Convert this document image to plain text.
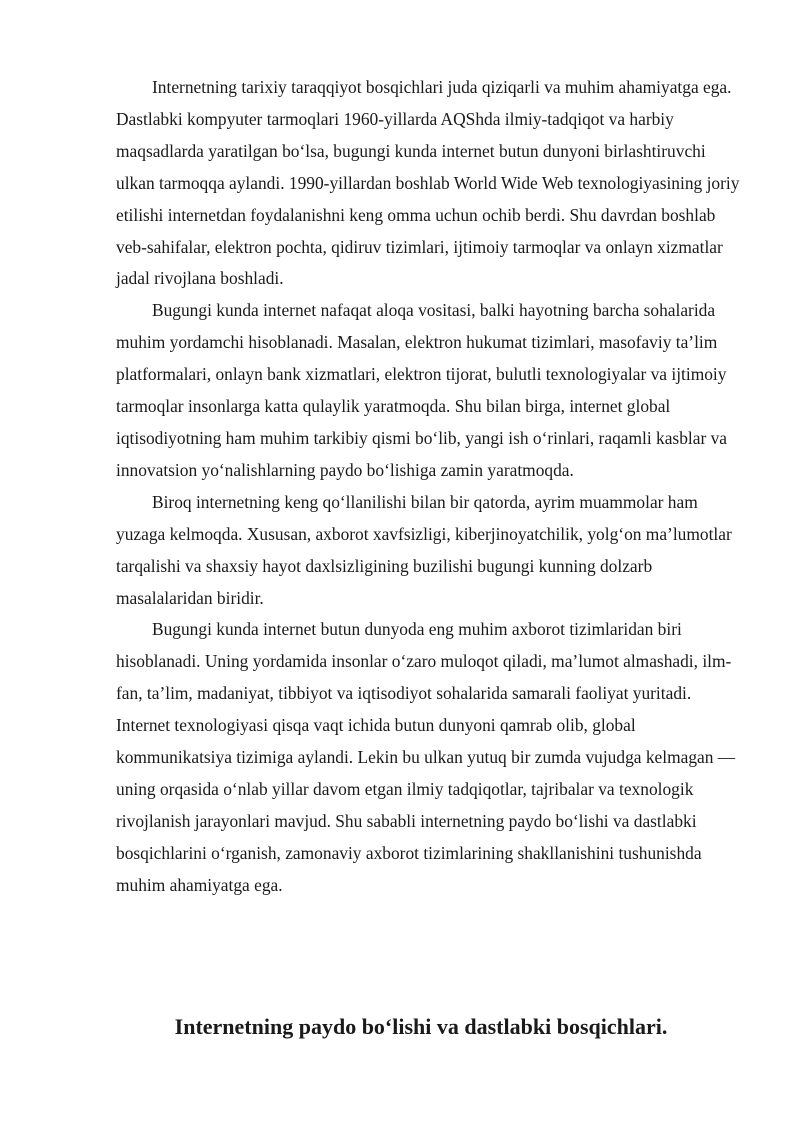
Internetning tarixiy taraqqiyot bosqichlari juda qiziqarli va muhim ahamiyatga ega. Dastlabki kompyuter tarmoqlari 1960-yillarda AQShda ilmiy-tadqiqot va harbiy maqsadlarda yaratilgan bo‘lsa, bugungi kunda internet butun dunyoni birlashtiruvchi ulkan tarmoqqa aylandi. 1990-yillardan boshlab World Wide Web texnologiyasining joriy etilishi internetdan foydalanishni keng omma uchun ochib berdi. Shu davrdan boshlab veb-sahifalar, elektron pochta, qidiruv tizimlari, ijtimoiy tarmoqlar va onlayn xizmatlar jadal rivojlana boshladi.

Bugungi kunda internet nafaqat aloqa vositasi, balki hayotning barcha sohalarida muhim yordamchi hisoblanadi. Masalan, elektron hukumat tizimlari, masofaviy ta’lim platformalari, onlayn bank xizmatlari, elektron tijorat, bulutli texnologiyalar va ijtimoiy tarmoqlar insonlarga katta qulaylik yaratmoqda. Shu bilan birga, internet global iqtisodiyotning ham muhim tarkibiy qismi bo‘lib, yangi ish o‘rinlari, raqamli kasblar va innovatsion yo‘nalishlarning paydo bo‘lishiga zamin yaratmoqda.

Biroq internetning keng qo‘llanilishi bilan bir qatorda, ayrim muammolar ham yuzaga kelmoqda. Xususan, axborot xavfsizligi, kiberjinoyatchilik, yolg‘on ma’lumotlar tarqalishi va shaxsiy hayot daxlsizligining buzilishi bugungi kunning dolzarb masalalaridan biridir.

Bugungi kunda internet butun dunyoda eng muhim axborot tizimlaridan biri hisoblanadi. Uning yordamida insonlar o‘zaro muloqot qiladi, ma’lumot almashadi, ilm-fan, ta’lim, madaniyat, tibbiyot va iqtisodiyot sohalarida samarali faoliyat yuritadi. Internet texnologiyasi qisqa vaqt ichida butun dunyoni qamrab olib, global kommunikatsiya tizimiga aylandi. Lekin bu ulkan yutuq bir zumda vujudga kelmagan — uning orqasida o‘nlab yillar davom etgan ilmiy tadqiqotlar, tajribalar va texnologik rivojlanish jarayonlari mavjud. Shu sababli internetning paydo bo‘lishi va dastlabki bosqichlarini o‘rganish, zamonaviy axborot tizimlarining shakllanishini tushunishda muhim ahamiyatga ega.

Internetning paydo bo‘lishi va dastlabki bosqichlari.
